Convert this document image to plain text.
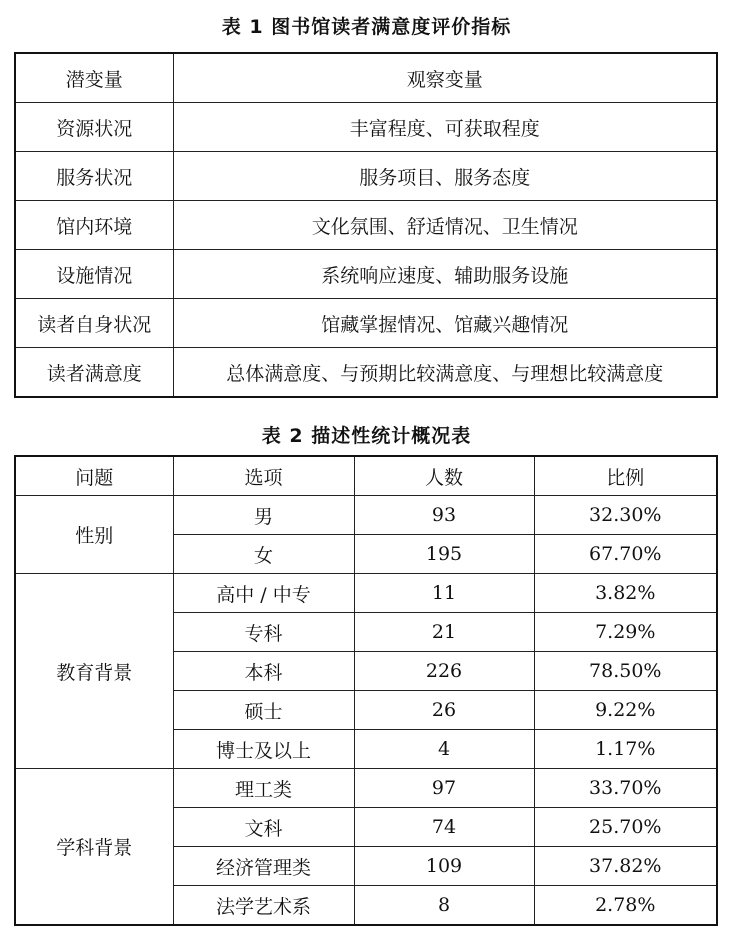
表 1 图书馆读者满意度评价指标
潜变量	观察变量
资源状况	丰富程度、可获取程度
服务状况	服务项目、服务态度
馆内环境	文化氛围、舒适情况、卫生情况
设施情况	系统响应速度、辅助服务设施
读者自身状况	馆藏掌握情况、馆藏兴趣情况
读者满意度	总体满意度、与预期比较满意度、与理想比较满意度
表 2 描述性统计概况表
问题	选项	人数	比例
性别	男	93	32.30%
	女	195	67.70%
教育背景	高中 / 中专	11	3.82%
	专科	21	7.29%
	本科	226	78.50%
	硕士	26	9.22%
	博士及以上	4	1.17%
学科背景	理工类	97	33.70%
	文科	74	25.70%
	经济管理类	109	37.82%
	法学艺术系	8	2.78%
